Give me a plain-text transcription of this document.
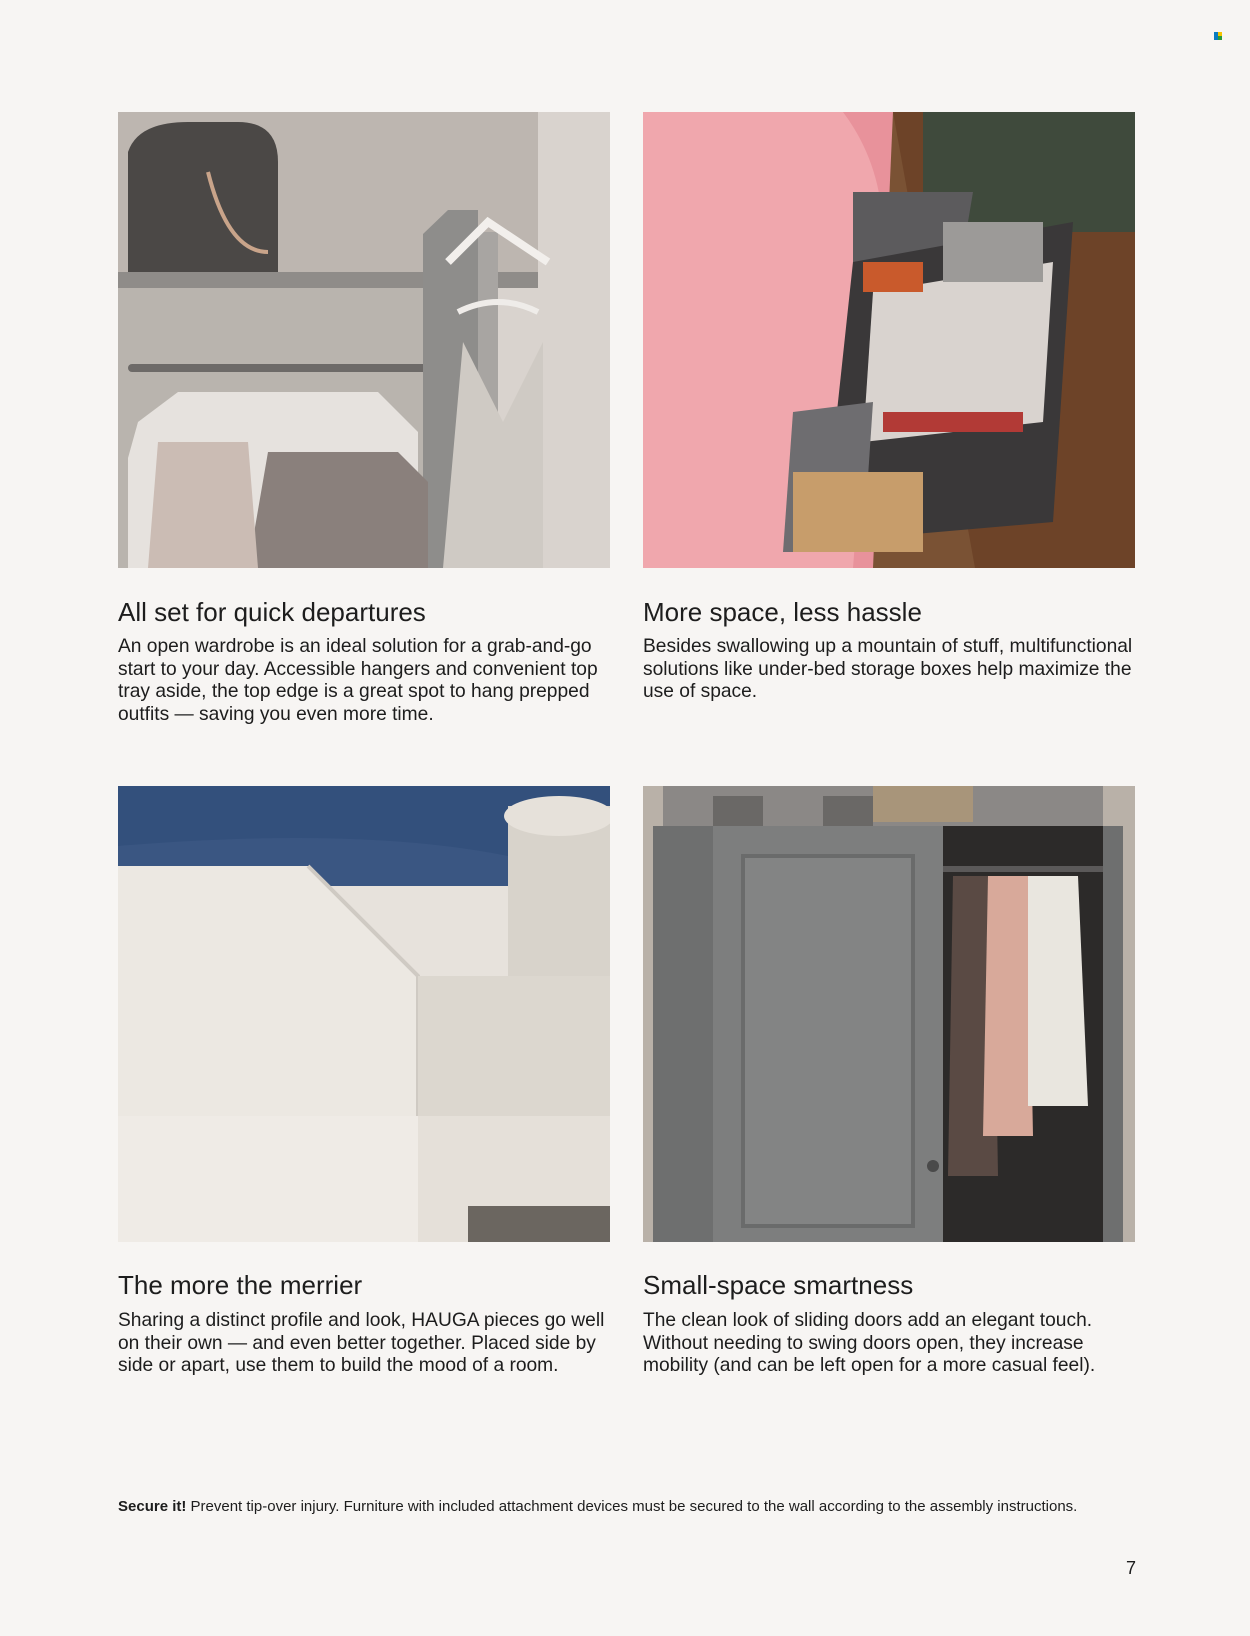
All set for quick departures

An open wardrobe is an ideal solution for a grab-and-go start to your day. Accessible hangers and convenient top tray aside, the top edge is a great spot to hang prepped outfits — saving you even more time.

More space, less hassle

Besides swallowing up a mountain of stuff, multifunctional solutions like under-bed storage boxes help maximize the use of space.

The more the merrier

Sharing a distinct profile and look, HAUGA pieces go well on their own — and even better together. Placed side by side or apart, use them to build the mood of a room.

Small-space smartness

The clean look of sliding doors add an elegant touch. Without needing to swing doors open, they increase mobility (and can be left open for a more casual feel).

Secure it! Prevent tip-over injury. Furniture with included attachment devices must be secured to the wall according to the assembly instructions.
7
